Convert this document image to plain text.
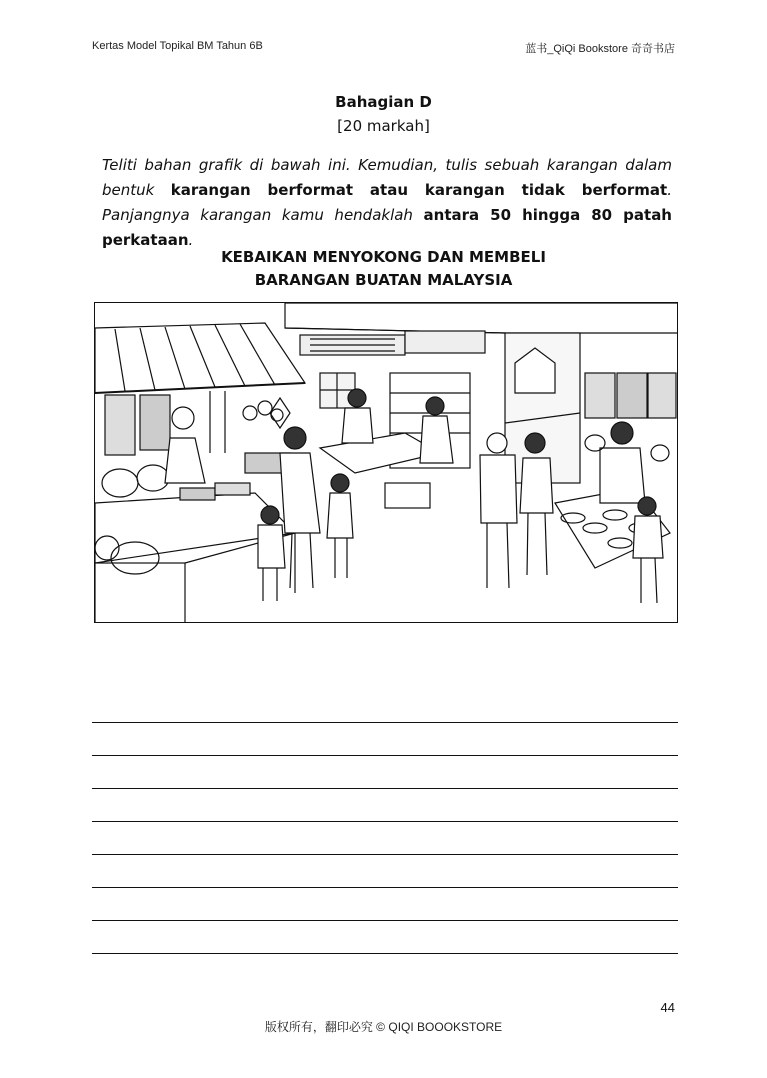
Kertas Model Topikal BM Tahun 6B	蓝书_QiQi Bookstore 奇奇书店
Bahagian D
[20 markah]
Teliti bahan grafik di bawah ini. Kemudian, tulis sebuah karangan dalam bentuk karangan berformat atau karangan tidak berformat. Panjangnya karangan kamu hendaklah antara 50 hingga 80 patah perkataan.
KEBAIKAN MENYOKONG DAN MEMBELI
BARANGAN BUATAN MALAYSIA
44
版权所有，翻印必究 © QIQI BOOOKSTORE
